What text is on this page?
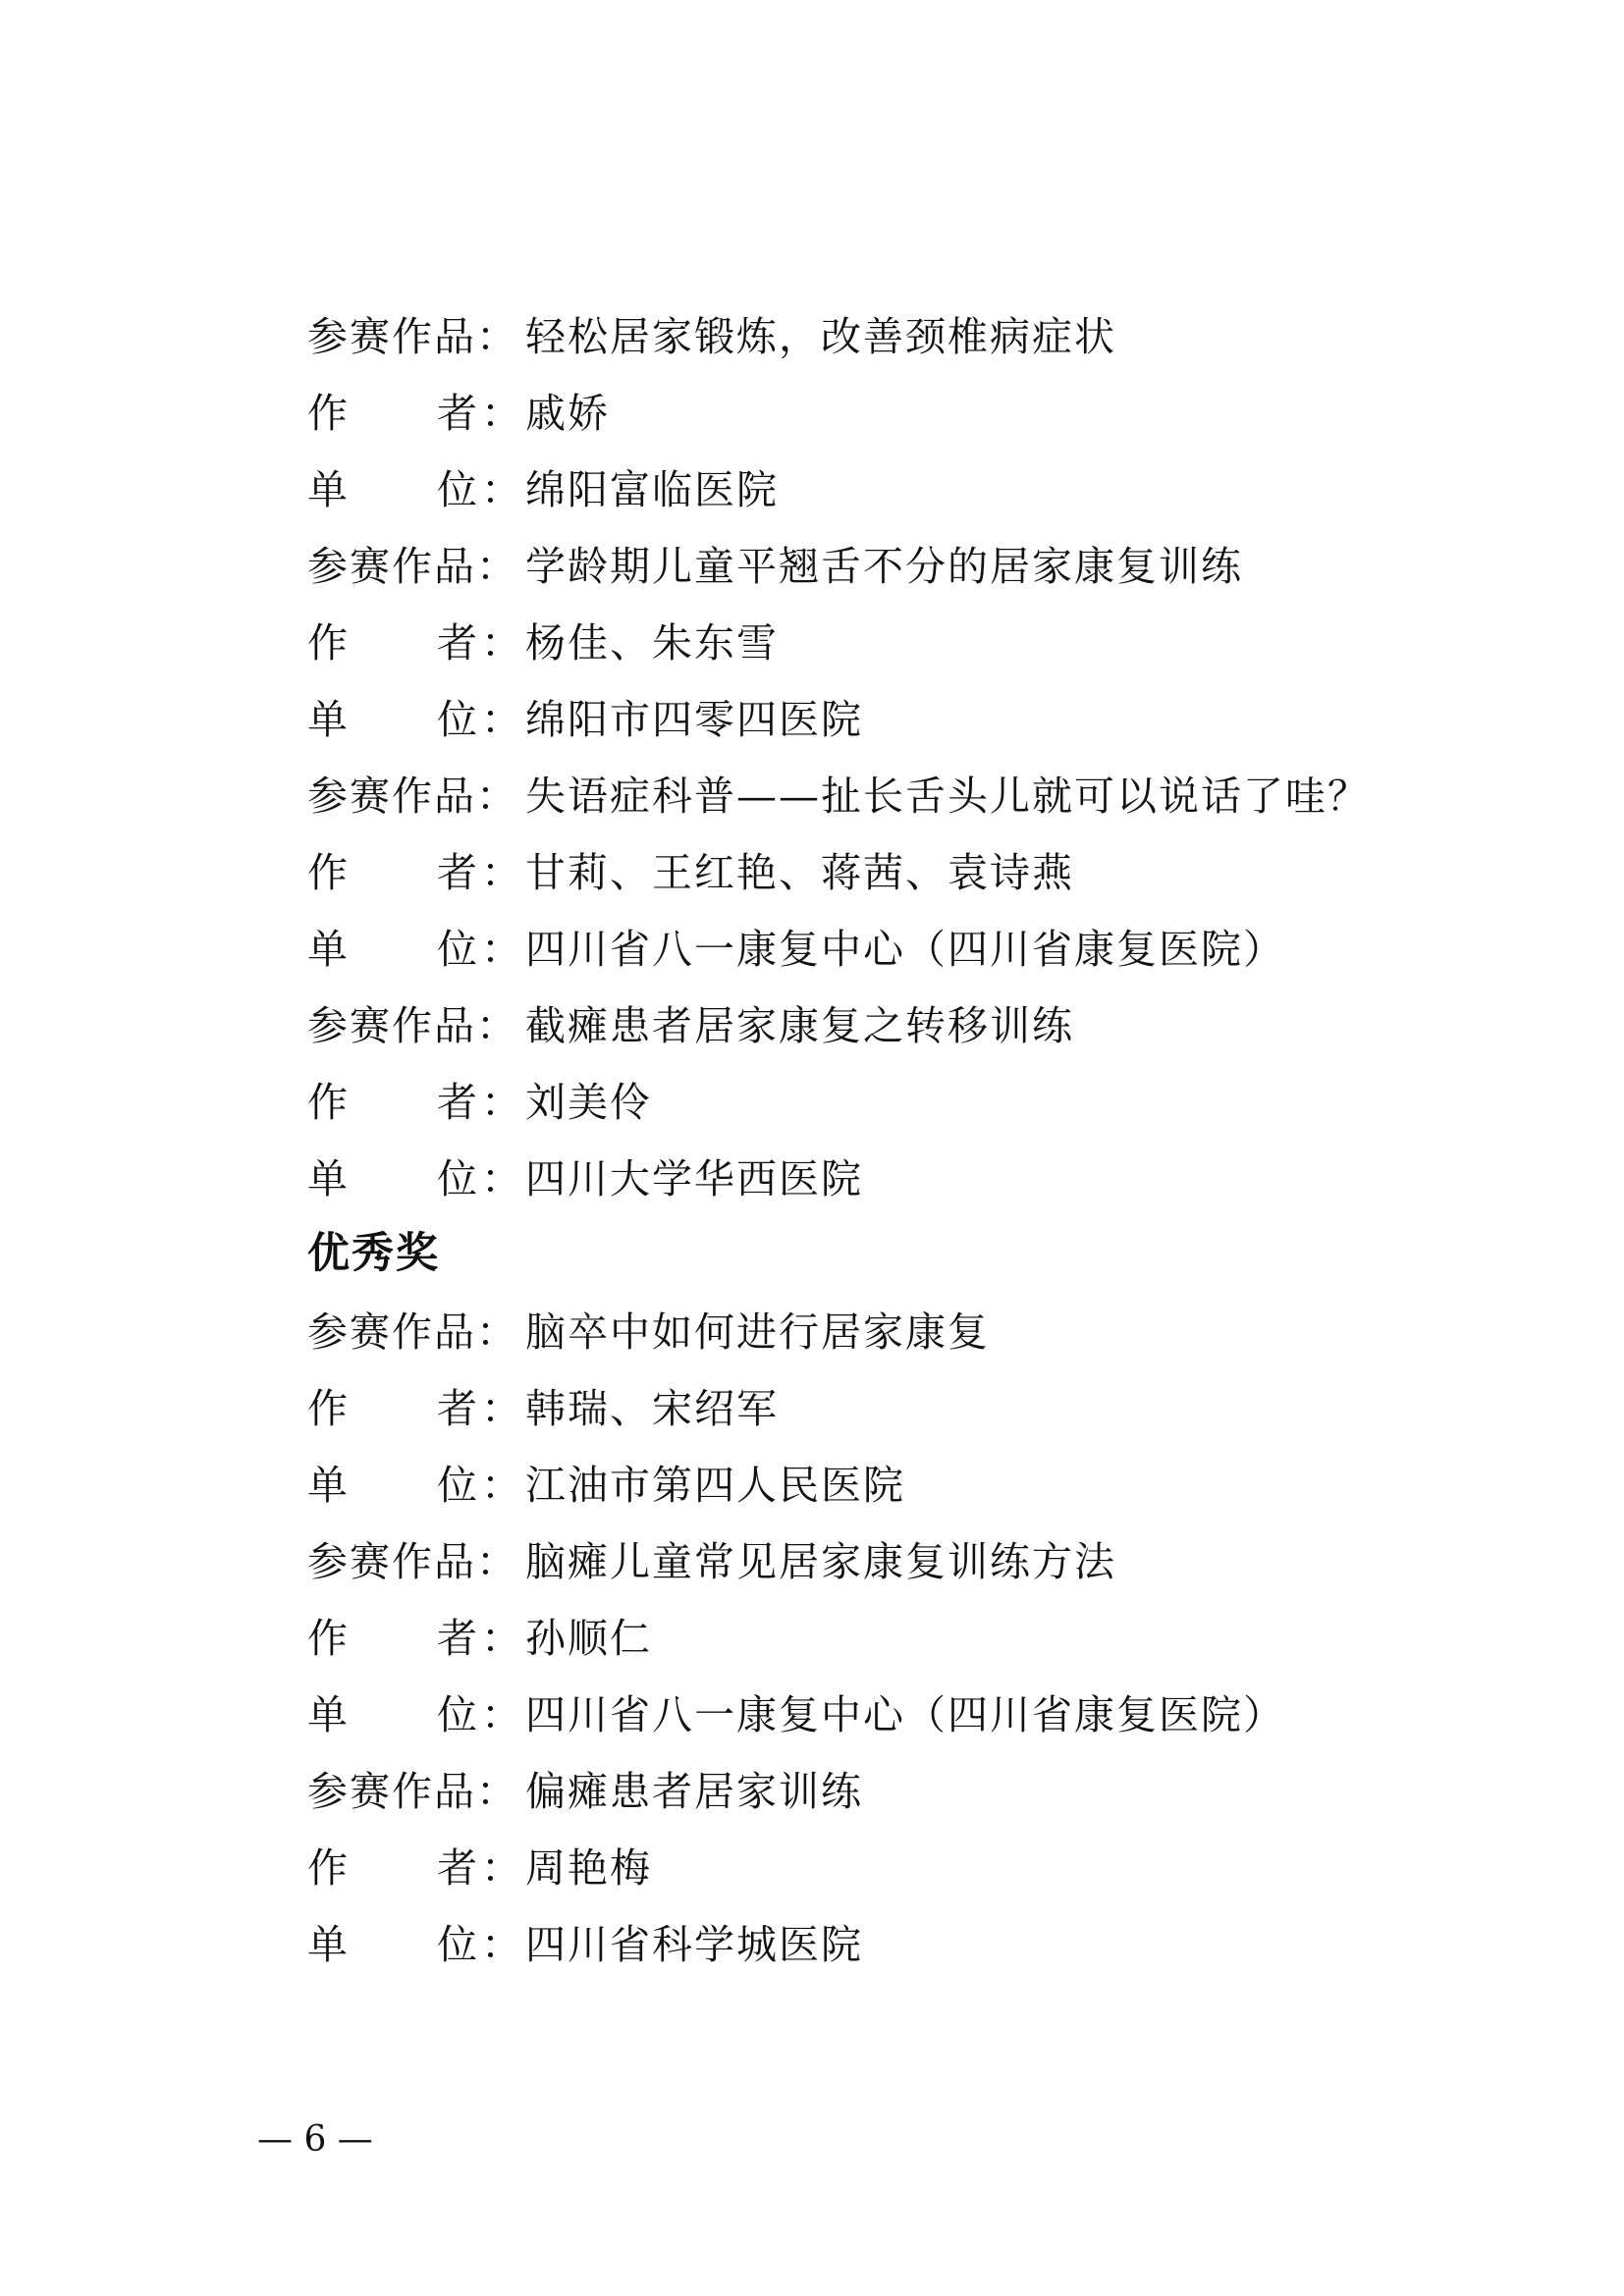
参赛作品： 轻松居家锻炼，改善颈椎病症状
作 者：戚娇
单 位：绵阳富临医院
参赛作品： 学龄期儿童平翘舌不分的居家康复训练
作 者：杨佳、朱东雪
单 位：绵阳市四零四医院
参赛作品： 失语症科普——扯长舌头儿就可以说话了哇？
作 者：甘莉、王红艳、蒋茜、袁诗燕
单 位：四川省八一康复中心（四川省康复医院）
参赛作品： 截瘫患者居家康复之转移训练
作 者：刘美伶
单 位：四川大学华西医院
优秀奖
参赛作品： 脑卒中如何进行居家康复
作 者：韩瑞、宋绍军
单 位：江油市第四人民医院
参赛作品： 脑瘫儿童常见居家康复训练方法
作 者：孙顺仁
单 位：四川省八一康复中心（四川省康复医院）
参赛作品： 偏瘫患者居家训练
作 者：周艳梅
单 位：四川省科学城医院
— 6 —
